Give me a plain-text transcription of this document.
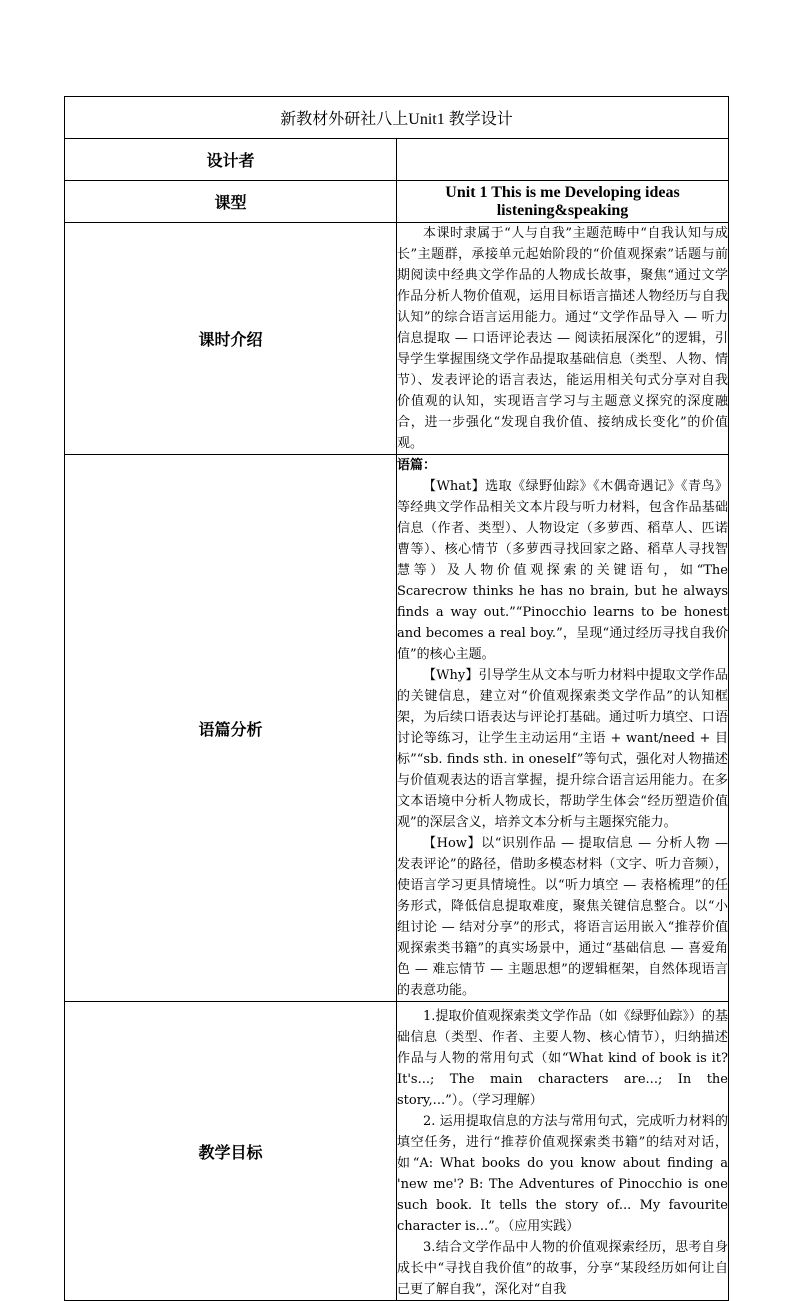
新教材外研社八上Unit1 教学设计	
设计者	
课型	Unit 1 This is me Developing ideas listening&speaking
课时介绍	本课时隶属于“人与自我”主题范畴中“自我认知与成长”主题群，承接单元起始阶段的“价值观探索”话题与前期阅读中经典文学作品的人物成长故事，聚焦“通过文学作品分析人物价值观，运用目标语言描述人物经历与自我认知”的综合语言运用能力。通过“文学作品导入 — 听力信息提取 — 口语评论表达 — 阅读拓展深化”的逻辑，引导学生掌握围绕文学作品提取基础信息（类型、人物、情节）、发表评论的语言表达，能运用相关句式分享对自我价值观的认知，实现语言学习与主题意义探究的深度融合，进一步强化“发现自我价值、接纳成长变化”的价值观。

语篇分析	语篇：

【What】选取《绿野仙踪》《木偶奇遇记》《青鸟》等经典文学作品相关文本片段与听力材料，包含作品基础信息（作者、类型）、人物设定（多萝西、稻草人、匹诺曹等）、核心情节（多萝西寻找回家之路、稻草人寻找智慧等）及人物价值观探索的关键语句，如“The Scarecrow thinks he has no brain, but he always finds a way out.”“Pinocchio learns to be honest and becomes a real boy.”，呈现“通过经历寻找自我价值”的核心主题。

【Why】引导学生从文本与听力材料中提取文学作品的关键信息，建立对“价值观探索类文学作品”的认知框架，为后续口语表达与评论打基础。通过听力填空、口语讨论等练习，让学生主动运用“主语 + want/need + 目标”“sb. finds sth. in oneself”等句式，强化对人物描述与价值观表达的语言掌握，提升综合语言运用能力。在多文本语境中分析人物成长，帮助学生体会“经历塑造价值观”的深层含义，培养文本分析与主题探究能力。

【How】以“识别作品 — 提取信息 — 分析人物 — 发表评论”的路径，借助多模态材料（文字、听力音频），使语言学习更具情境性。以“听力填空 — 表格梳理”的任务形式，降低信息提取难度，聚焦关键信息整合。以“小组讨论 — 结对分享”的形式，将语言运用嵌入“推荐价值观探索类书籍”的真实场景中，通过“基础信息 — 喜爱角色 — 难忘情节 — 主题思想”的逻辑框架，自然体现语言的表意功能。

教学目标	1.提取价值观探索类文学作品（如《绿野仙踪》）的基础信息（类型、作者、主要人物、核心情节），归纳描述作品与人物的常用句式（如“What kind of book is it? It's...; The main characters are...; In the story,...”）。（学习理解）

2. 运用提取信息的方法与常用句式，完成听力材料的填空任务，进行“推荐价值观探索类书籍”的结对对话，如“A: What books do you know about finding a 'new me'? B: The Adventures of Pinocchio is one such book. It tells the story of... My favourite character is...”。（应用实践）

3.结合文学作品中人物的价值观探索经历，思考自身成长中“寻找自我价值”的故事，分享“某段经历如何让自己更了解自我”，深化对“自我
